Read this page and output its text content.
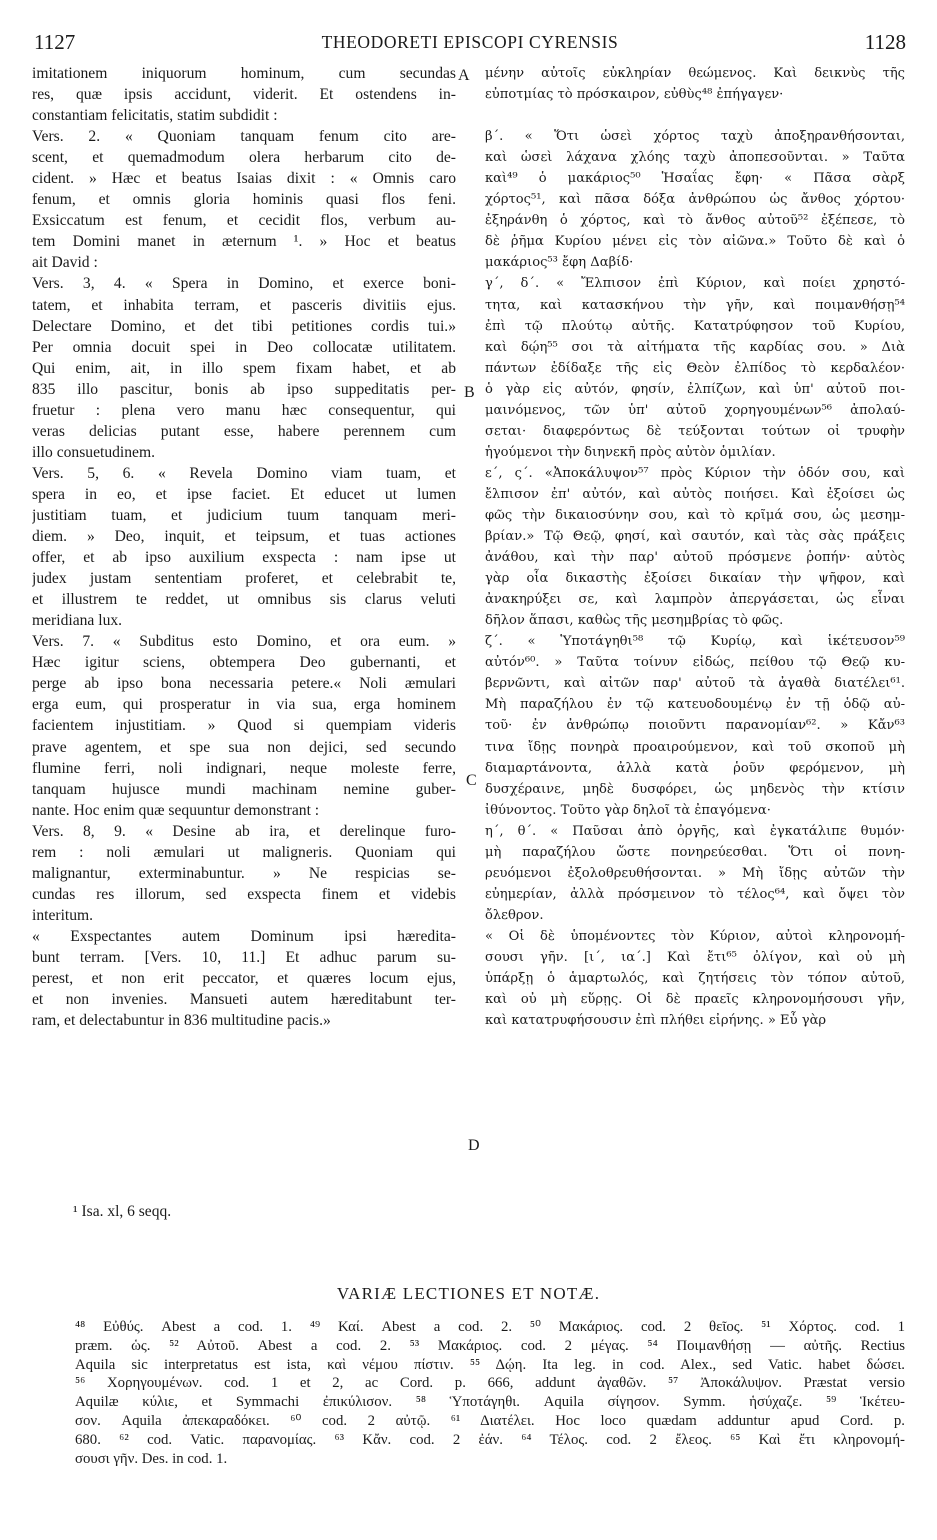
1127	THEODORETI EPISCOPI CYRENSIS	1128
imitationem iniquorum hominum, cum secundas
res, quæ ipsis accidunt, viderit. Et ostendens in-
constantiam felicitatis, statim subdidit :
Vers. 2. « Quoniam tanquam fenum cito are-
scent, et quemadmodum olera herbarum cito de-
cident. » Hæc et beatus Isaias dixit : « Omnis caro
fenum, et omnis gloria hominis quasi flos feni.
Exsiccatum est fenum, et cecidit flos, verbum au-
tem Domini manet in æternum ¹. » Hoc et beatus
ait David :
Vers. 3, 4. « Spera in Domino, et exerce boni-
tatem, et inhabita terram, et pasceris divitiis ejus.
Delectare Domino, et det tibi petitiones cordis tui.»
Per omnia docuit spei in Deo collocatæ utilitatem.
Qui enim, ait, in illo spem fixam habet, et ab
835 illo pascitur, bonis ab ipso suppeditatis per-
fruetur : plena vero manu hæc consequentur, qui
veras delicias putant esse, habere perennem cum
illo consuetudinem.
Vers. 5, 6. « Revela Domino viam tuam, et
spera in eo, et ipse faciet. Et educet ut lumen
justitiam tuam, et judicium tuum tanquam meri-
diem. » Deo, inquit, et teipsum, et tuas actiones
offer, et ab ipso auxilium exspecta : nam ipse ut
judex justam sententiam proferet, et celebrabit te,
et illustrem te reddet, ut omnibus sis clarus veluti
meridiana lux.
Vers. 7. « Subditus esto Domino, et ora eum. »
Hæc igitur sciens, obtempera Deo gubernanti, et
perge ab ipso bona necessaria petere.« Noli æmulari
erga eum, qui prosperatur in via sua, erga hominem
facientem injustitiam. » Quod si quempiam videris
prave agentem, et spe sua non dejici, sed secundo
flumine ferri, noli indignari, neque moleste ferre,
tanquam hujusce mundi machinam nemine guber-
nante. Hoc enim quæ sequuntur demonstrant :
Vers. 8, 9. « Desine ab ira, et derelinque furo-
rem : noli æmulari ut maligneris. Quoniam qui
malignantur, exterminabuntur. » Ne respicias se-
cundas res illorum, sed exspecta finem et videbis
interitum.
« Exspectantes autem Dominum ipsi hæredita-
bunt terram. [Vers. 10, 11.] Et adhuc parum su-
perest, et non erit peccator, et quæres locum ejus,
et non invenies. Mansueti autem hæreditabunt ter-
ram, et delectabuntur in 836 multitudine pacis.»
μένην αὐτοῖς εὐκληρίαν θεώμενος. Καὶ δεικνὺς τῆς
εὐποτμίας τὸ πρόσκαιρον, εὐθὺς⁴⁸ ἐπήγαγεν·
β΄. « Ὅτι ὡσεὶ χόρτος ταχὺ ἀποξηρανθήσονται,
καὶ ὡσεὶ λάχανα χλόης ταχὺ ἀποπεσοῦνται. » Ταῦτα
καὶ⁴⁹ ὁ μακάριος⁵⁰ Ἡσαΐας ἔφη· « Πᾶσα σὰρξ
χόρτος⁵¹, καὶ πᾶσα δόξα ἀνθρώπου ὡς ἄνθος χόρτου·
ἐξηράνθη ὁ χόρτος, καὶ τὸ ἄνθος αὐτοῦ⁵² ἐξέπεσε, τὸ
δὲ ῥῆμα Κυρίου μένει εἰς τὸν αἰῶνα.» Τοῦτο δὲ καὶ ὁ
μακάριος⁵³ ἔφη Δαβίδ·
γ΄, δ΄. « Ἔλπισον ἐπὶ Κύριον, καὶ ποίει χρηστό-
τητα, καὶ κατασκήνου τὴν γῆν, καὶ ποιμανθήσῃ⁵⁴
ἐπὶ τῷ πλούτῳ αὐτῆς. Κατατρύφησον τοῦ Κυρίου,
καὶ δῴη⁵⁵ σοι τὰ αἰτήματα τῆς καρδίας σου. » Διὰ
πάντων ἐδίδαξε τῆς εἰς Θεὸν ἐλπίδος τὸ κερδαλέον·
ὁ γὰρ εἰς αὐτόν, φησίν, ἐλπίζων, καὶ ὑπ' αὐτοῦ ποι-
μαινόμενος, τῶν ὑπ' αὐτοῦ χορηγουμένων⁵⁶ ἀπολαύ-
σεται· διαφερόντως δὲ τεύξονται τούτων οἱ τρυφὴν
ἡγούμενοι τὴν διηνεκῆ πρὸς αὐτὸν ὁμιλίαν.
ε΄, ς΄. «Ἀποκάλυψον⁵⁷ πρὸς Κύριον τὴν ὁδόν σου, καὶ
ἔλπισον ἐπ' αὐτόν, καὶ αὐτὸς ποιήσει. Καὶ ἐξοίσει ὡς
φῶς τὴν δικαιοσύνην σου, καὶ τὸ κρῖμά σου, ὡς μεσημ-
βρίαν.» Τῷ Θεῷ, φησί, καὶ σαυτόν, καὶ τὰς σὰς πράξεις
ἀνάθου, καὶ τὴν παρ' αὐτοῦ πρόσμενε ῥοπήν· αὐτὸς
γὰρ οἷα δικαστὴς ἐξοίσει δικαίαν τὴν ψῆφον, καὶ
ἀνακηρύξει σε, καὶ λαμπρὸν ἀπεργάσεται, ὡς εἶναι
δῆλον ἅπασι, καθὼς τῆς μεσημβρίας τὸ φῶς.
ζ΄. « Ὑποτάγηθι⁵⁸ τῷ Κυρίῳ, καὶ ἱκέτευσον⁵⁹
αὐτόν⁶⁰. » Ταῦτα τοίνυν εἰδώς, πείθου τῷ Θεῷ κυ-
βερνῶντι, καὶ αἰτῶν παρ' αὐτοῦ τὰ ἀγαθὰ διατέλει⁶¹.
Μὴ παραζήλου ἐν τῷ κατευοδουμένῳ ἐν τῇ ὁδῷ αὐ-
τοῦ· ἐν ἀνθρώπῳ ποιοῦντι παρανομίαν⁶². » Κἄν⁶³
τινα ἴδῃς πονηρὰ προαιρούμενον, καὶ τοῦ σκοποῦ μὴ
διαμαρτάνοντα, ἀλλὰ κατὰ ῥοῦν φερόμενον, μὴ
δυσχέραινε, μηδὲ δυσφόρει, ὡς μηδενὸς τὴν κτίσιν
ἰθύνοντος. Τοῦτο γὰρ δηλοῖ τὰ ἐπαγόμενα·
η΄, θ΄. « Παῦσαι ἀπὸ ὀργῆς, καὶ ἐγκατάλιπε θυμόν·
μὴ παραζήλου ὥστε πονηρεύεσθαι. Ὅτι οἱ πονη-
ρευόμενοι ἐξολοθρευθήσονται. » Μὴ ἴδῃς αὐτῶν τὴν
εὐημερίαν, ἀλλὰ πρόσμεινον τὸ τέλος⁶⁴, καὶ ὄψει τὸν
ὄλεθρον.
« Οἱ δὲ ὑπομένοντες τὸν Κύριον, αὐτοὶ κληρονομή-
σουσι γῆν. [ι΄, ια΄.] Καὶ ἔτι⁶⁵ ὀλίγον, καὶ οὐ μὴ
ὑπάρξῃ ὁ ἁμαρτωλός, καὶ ζητήσεις τὸν τόπον αὐτοῦ,
καὶ οὐ μὴ εὕρῃς. Οἱ δὲ πραεῖς κληρονομήσουσι γῆν,
καὶ κατατρυφήσουσιν ἐπὶ πλήθει εἰρήνης. » Εὖ γὰρ
A
B
C
D
¹ Isa. xl, 6 seqq.
VARIÆ LECTIONES ET NOTÆ.
⁴⁸ Εὐθύς. Abest a cod. 1. ⁴⁹ Καί. Abest a cod. 2. ⁵⁰ Μακάριος. cod. 2 θεῖος. ⁵¹ Χόρτος. cod. 1
præm. ὡς. ⁵² Αὐτοῦ. Abest a cod. 2. ⁵³ Μακάριος. cod. 2 μέγας. ⁵⁴ Ποιμανθήσῃ — αὐτῆς. Rectius
Aquila sic interpretatus est ista, καὶ νέμου πίστιν. ⁵⁵ Δῴη. Ita leg. in cod. Alex., sed Vatic. habet δώσει.
⁵⁶ Χορηγουμένων. cod. 1 et 2, ac Cord. p. 666, addunt ἀγαθῶν. ⁵⁷ Ἀποκάλυψον. Præstat versio
Aquilæ κύλιε, et Symmachi ἐπικύλισον. ⁵⁸ Ὑποτάγηθι. Aquila σίγησον. Symm. ἡσύχαζε. ⁵⁹ Ἱκέτευ-
σον. Aquila ἀπεκαραδόκει. ⁶⁰ cod. 2 αὐτῷ. ⁶¹ Διατέλει. Hoc loco quædam adduntur apud Cord. p.
680. ⁶² cod. Vatic. παρανομίας. ⁶³ Κἄν. cod. 2 ἐάν. ⁶⁴ Τέλος. cod. 2 ἔλεος. ⁶⁵ Καὶ ἔτι κληρονομή-
σουσι γῆν. Des. in cod. 1.
